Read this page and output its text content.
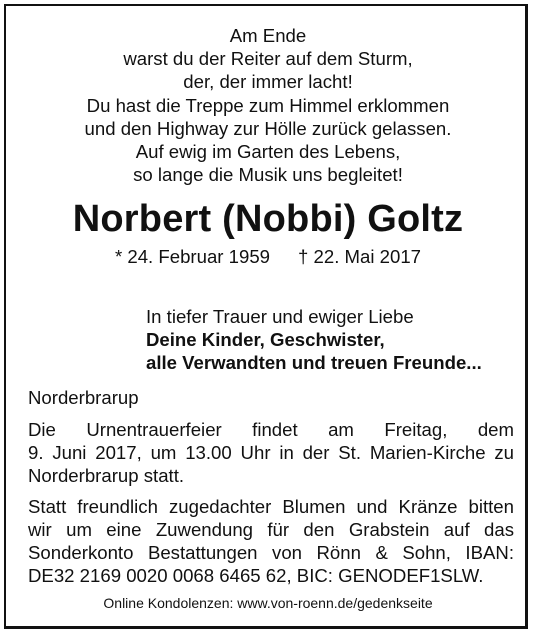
Am Ende
warst du der Reiter auf dem Sturm,
der, der immer lacht!
Du hast die Treppe zum Himmel erklommen
und den Highway zur Hölle zurück gelassen.
Auf ewig im Garten des Lebens,
so lange die Musik uns begleitet!
Norbert (Nobbi) Goltz
* 24. Februar 1959 † 22. Mai 2017
In tiefer Trauer und ewiger Liebe
Deine Kinder, Geschwister,
alle Verwandten und treuen Freunde...
Norderbrarup
Die Urnentrauerfeier findet am Freitag, dem
9. Juni 2017, um 13.00 Uhr in der St. Marien-Kirche zu
Norderbrarup statt.
Statt freundlich zugedachter Blumen und Kränze bitten
wir um eine Zuwendung für den Grabstein auf das
Sonderkonto Bestattungen von Rönn & Sohn, IBAN:
DE32 2169 0020 0068 6465 62, BIC: GENODEF1SLW.
Online Kondolenzen: www.von-roenn.de/gedenkseite
